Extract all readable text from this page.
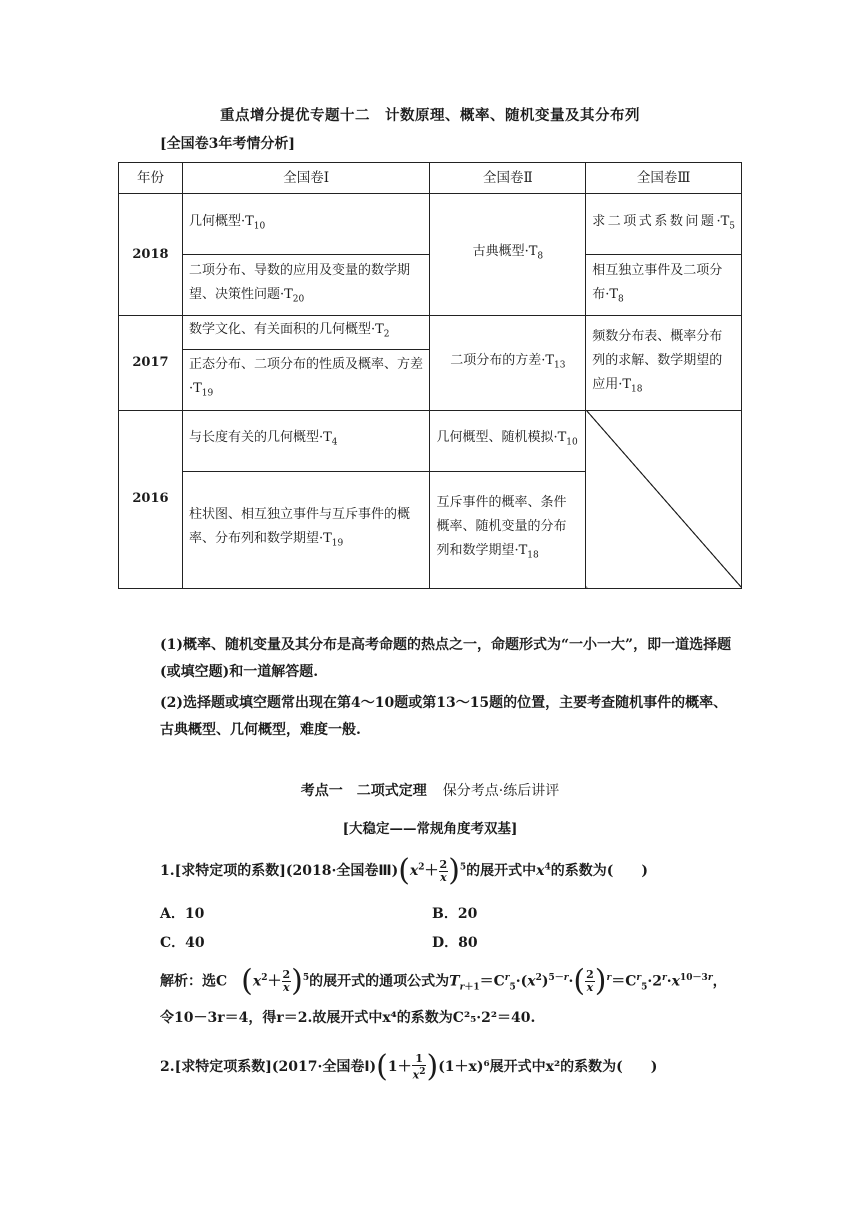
重点增分提优专题十二　计数原理、概率、随机变量及其分布列
[全国卷3年考情分析]
年份	全国卷Ⅰ	全国卷Ⅱ	全国卷Ⅲ
2018	几何概型$\cdot T_{10}$	古典概型$\cdot T_8$	求二项式系数问题$\cdot T_5$
	二项分布、导数的应用及变量的数学期望、决策性问题$\cdot T_{20}$		相互独立事件及二项分布$\cdot T_8$
2017	数学文化、有关面积的几何概型$\cdot T_2$	二项分布的方差$\cdot T_{13}$	频数分布表、概率分布列的求解、数学期望的应用$\cdot T_{18}$
	正态分布、二项分布的性质及概率、方差$\cdot T_{19}$
2016	与长度有关的几何概型$\cdot T_4$	几何概型、随机模拟$\cdot T_{10}$	
	柱状图、相互独立事件与互斥事件的概率、分布列和数学期望$\cdot T_{19}$	互斥事件的概率、条件概率、随机变量的分布列和数学期望$\cdot T_{18}$
(1)概率、随机变量及其分布是高考命题的热点之一，命题形式为“一小一大”，即一道选择题(或填空题)和一道解答题.
(2)选择题或填空题常出现在第4～10题或第13～15题的位置，主要考查随机事件的概率、古典概型、几何概型，难度一般.
考点一　二项式定理 保分考点·练后讲评
[大稳定——常规角度考双基]
1.[求特定项的系数](2018·全国卷$Ⅲ)(x^2+ \frac{2}{x} )^5$的展开式中$x^4$的系数为(　　)
A．10	B．20
C．40	D．80
解析：选C　 $(x^2+ \frac{2}{x} )^5$的展开式的通项公式为$T_{r+1}=C^r_5\cdot(x^2)^{5-r}\cdot( \frac{2}{x} )^r=C^r_5\cdot 2^r\cdot x^{10-3r}$，
令10－3r＝4，得r＝2.故展开式中x⁴的系数为C²₅·2²＝40.
2.[求特定项系数](2017·全国卷Ⅰ)(1＋ $\frac{1}{x^2} )(1+x)^6$展开式中x²的系数为(　　)
